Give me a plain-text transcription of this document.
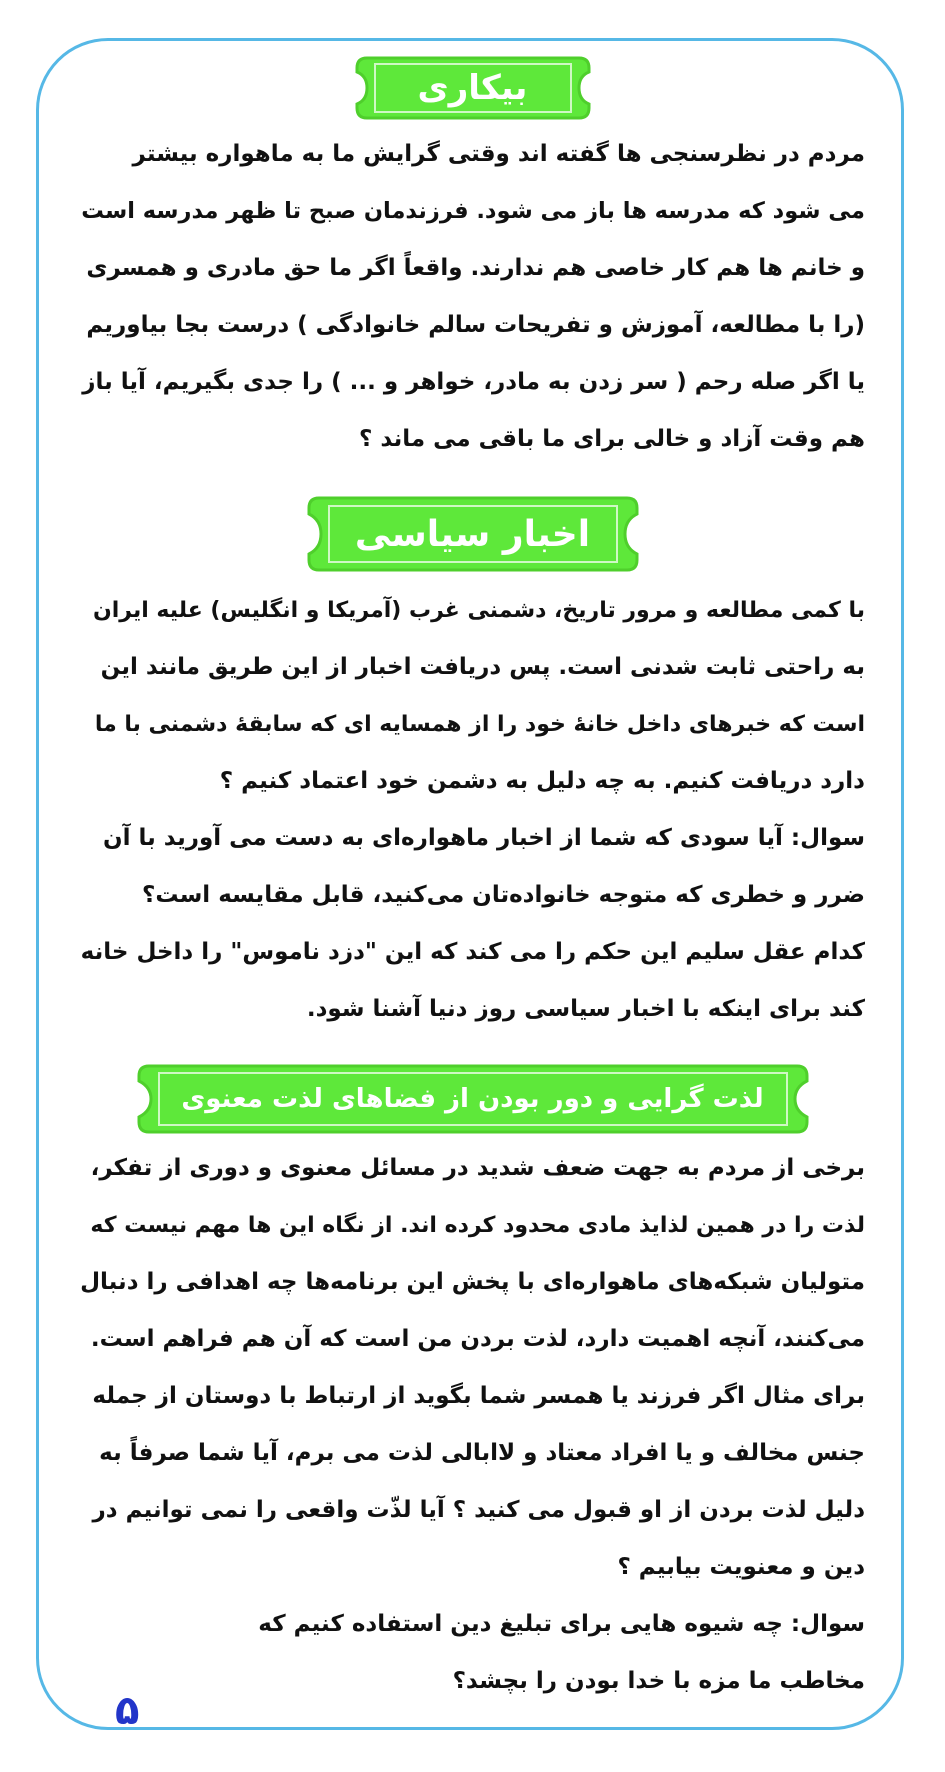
بیکاری
مردم در نظرسنجی ها گفته اند وقتی گرایش ما به ماهواره بیشتر
می شود که مدرسه ها باز می شود. فرزندمان صبح تا ظهر مدرسه است
و خانم ها هم کار خاصی هم ندارند. واقعاً اگر ما حق مادری و همسری
(را با مطالعه، آموزش و تفریحات سالم خانوادگی ) درست بجا بیاوریم
یا اگر صله رحم ( سر زدن به مادر، خواهر و ... ) را جدی بگیریم، آیا باز
هم وقت آزاد و خالی برای ما باقی می ماند ؟
اخبار سیاسی
با کمی مطالعه و مرور تاریخ، دشمنی غرب (آمریکا و انگلیس) علیه ایران
به راحتی ثابت شدنی است. پس دریافت اخبار از این طریق مانند این
است که خبرهای داخل خانهٔ خود را از همسایه ای که سابقهٔ دشمنی با ما
دارد دریافت کنیم. به چه دلیل به دشمن خود اعتماد کنیم ؟
سوال: آیا سودی که شما از اخبار ماهواره‌ای به دست می آورید با آن
ضرر و خطری که متوجه خانواده‌تان می‌کنید، قابل مقایسه است؟
کدام عقل سلیم این حکم را می کند که این "دزد ناموس" را داخل خانه
کند برای اینکه با اخبار سیاسی روز دنیا آشنا شود.
لذت گرایی و دور بودن از فضاهای لذت معنوی
برخی از مردم به جهت ضعف شدید در مسائل معنوی و دوری از تفکر،
لذت را در همین لذایذ مادی محدود کرده اند. از نگاه این ها مهم نیست که
متولیان شبکه‌های ماهواره‌ای با پخش این برنامه‌ها چه اهدافی را دنبال
می‌کنند، آنچه اهمیت دارد، لذت بردن من است که آن هم فراهم است.
برای مثال اگر فرزند یا همسر شما بگوید از ارتباط با دوستان از جمله
جنس مخالف و یا افراد معتاد و لاابالی لذت می برم، آیا شما صرفاً به
دلیل لذت بردن از او قبول می کنید ؟ آیا لذّت واقعی را نمی توانیم در
دین و معنویت بیابیم ؟
سوال: چه شیوه هایی برای تبلیغ دین استفاده کنیم که
مخاطب ما مزه با خدا بودن را بچشد؟
۵
